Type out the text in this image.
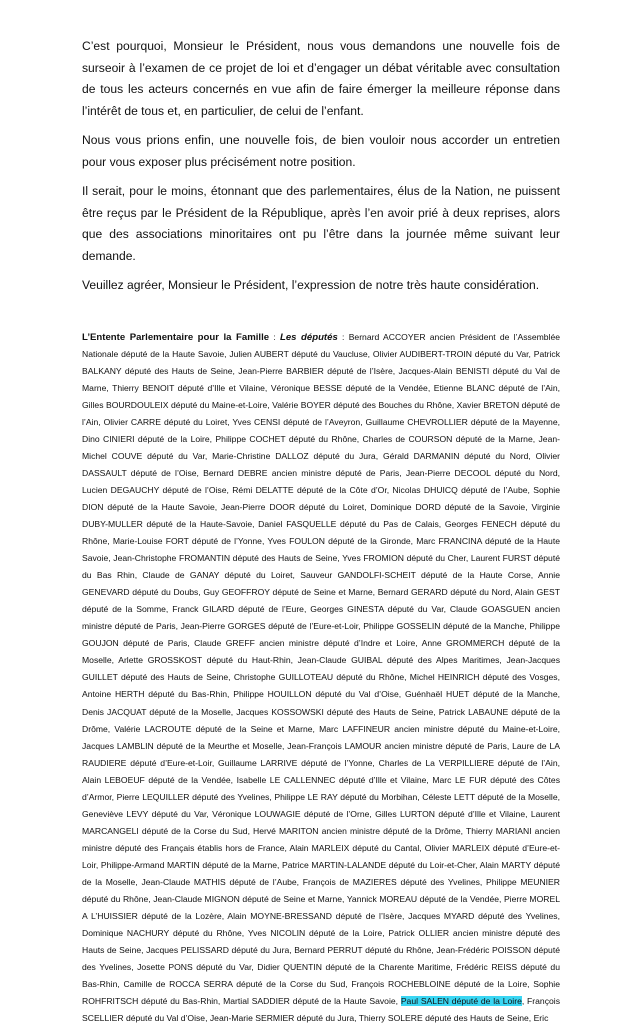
C’est pourquoi, Monsieur le Président, nous vous demandons une nouvelle fois de surseoir à l’examen de ce projet de loi et d’engager un débat véritable avec consultation de tous les acteurs concernés en vue afin de faire émerger la meilleure réponse dans l’intérêt de tous et, en particulier, de celui de l’enfant.

Nous vous prions enfin, une nouvelle fois, de bien vouloir nous accorder un entretien pour vous exposer plus précisément notre position.

Il serait, pour le moins, étonnant que des parlementaires, élus de la Nation, ne puissent être reçus par le Président de la République, après l’en avoir prié à deux reprises, alors que des associations minoritaires ont pu l’être dans la journée même suivant leur demande.

Veuillez agréer, Monsieur le Président, l’expression de notre très haute considération.

L’Entente Parlementaire pour la Famille : Les députés : Bernard ACCOYER ancien Président de l’Assemblée Nationale député de la Haute Savoie, Julien AUBERT député du Vaucluse, Olivier AUDIBERT-TROIN député du Var, Patrick BALKANY député des Hauts de Seine, Jean-Pierre BARBIER député de l’Isère, Jacques-Alain BENISTI député du Val de Marne, Thierry BENOIT député d’Ille et Vilaine, Véronique BESSE député de la Vendée, Etienne BLANC député de l’Ain, Gilles BOURDOULEIX député du Maine-et-Loire, Valérie BOYER député des Bouches du Rhône, Xavier BRETON député de l’Ain, Olivier CARRE député du Loiret, Yves CENSI député de l’Aveyron, Guillaume CHEVROLLIER député de la Mayenne, Dino CINIERI député de la Loire, Philippe COCHET député du Rhône, Charles de COURSON député de la Marne, Jean-Michel COUVE député du Var, Marie-Christine DALLOZ député du Jura, Gérald DARMANIN député du Nord, Olivier DASSAULT député de l’Oise, Bernard DEBRE ancien ministre député de Paris, Jean-Pierre DECOOL député du Nord, Lucien DEGAUCHY député de l’Oise, Rémi DELATTE député de la Côte d’Or, Nicolas DHUICQ député de l’Aube, Sophie DION député de la Haute Savoie, Jean-Pierre DOOR député du Loiret, Dominique DORD député de la Savoie, Virginie DUBY-MULLER député de la Haute-Savoie, Daniel FASQUELLE député du Pas de Calais, Georges FENECH député du Rhône, Marie-Louise FORT député de l’Yonne, Yves FOULON député de la Gironde, Marc FRANCINA député de la Haute Savoie, Jean-Christophe FROMANTIN député des Hauts de Seine, Yves FROMION député du Cher, Laurent FURST député du Bas Rhin, Claude de GANAY député du Loiret, Sauveur GANDOLFI-SCHEIT député de la Haute Corse, Annie GENEVARD député du Doubs, Guy GEOFFROY député de Seine et Marne, Bernard GERARD député du Nord, Alain GEST député de la Somme, Franck GILARD député de l’Eure, Georges GINESTA député du Var, Claude GOASGUEN ancien ministre député de Paris, Jean-Pierre GORGES député de l’Eure-et-Loir, Philippe GOSSELIN député de la Manche, Philippe GOUJON député de Paris, Claude GREFF ancien ministre député d’Indre et Loire, Anne GROMMERCH député de la Moselle, Arlette GROSSKOST député du Haut-Rhin, Jean-Claude GUIBAL député des Alpes Maritimes, Jean-Jacques GUILLET député des Hauts de Seine, Christophe GUILLOTEAU député du Rhône, Michel HEINRICH député des Vosges, Antoine HERTH député du Bas-Rhin, Philippe HOUILLON député du Val d’Oise, Guénhaël HUET député de la Manche, Denis JACQUAT député de la Moselle, Jacques KOSSOWSKI député des Hauts de Seine, Patrick LABAUNE député de la Drôme, Valérie LACROUTE député de la Seine et Marne, Marc LAFFINEUR ancien ministre député du Maine-et-Loire, Jacques LAMBLIN député de la Meurthe et Moselle, Jean-François LAMOUR ancien ministre député de Paris, Laure de LA RAUDIERE député d’Eure-et-Loir, Guillaume LARRIVE député de l’Yonne, Charles de La VERPILLIERE député de l’Ain, Alain LEBOEUF député de la Vendée, Isabelle LE CALLENNEC député d’Ille et Vilaine, Marc LE FUR député des Côtes d’Armor, Pierre LEQUILLER député des Yvelines, Philippe LE RAY député du Morbihan, Céleste LETT député de la Moselle, Geneviève LEVY député du Var, Véronique LOUWAGIE député de l’Orne, Gilles LURTON député d’Ille et Vilaine, Laurent MARCANGELI député de la Corse du Sud, Hervé MARITON ancien ministre député de la Drôme, Thierry MARIANI ancien ministre député des Français établis hors de France, Alain MARLEIX député du Cantal, Olivier MARLEIX député d’Eure-et-Loir, Philippe-Armand MARTIN député de la Marne, Patrice MARTIN-LALANDE député du Loir-et-Cher, Alain MARTY député de la Moselle, Jean-Claude MATHIS député de l’Aube, François de MAZIERES député des Yvelines, Philippe MEUNIER député du Rhône, Jean-Claude MIGNON député de Seine et Marne, Yannick MOREAU député de la Vendée, Pierre MOREL A L’HUISSIER député de la Lozère, Alain MOYNE-BRESSAND député de l’Isère, Jacques MYARD député des Yvelines, Dominique NACHURY député du Rhône, Yves NICOLIN député de la Loire, Patrick OLLIER ancien ministre député des Hauts de Seine, Jacques PELISSARD député du Jura, Bernard PERRUT député du Rhône, Jean-Frédéric POISSON député des Yvelines, Josette PONS député du Var, Didier QUENTIN député de la Charente Maritime, Frédéric REISS député du Bas-Rhin, Camille de ROCCA SERRA député de la Corse du Sud, François ROCHEBLOINE député de la Loire, Sophie ROHFRITSCH député du Bas-Rhin, Martial SADDIER député de la Haute Savoie, Paul SALEN député de la Loire, François SCELLIER député du Val d’Oise, Jean-Marie SERMIER député du Jura, Thierry SOLERE député des Hauts de Seine, Eric
